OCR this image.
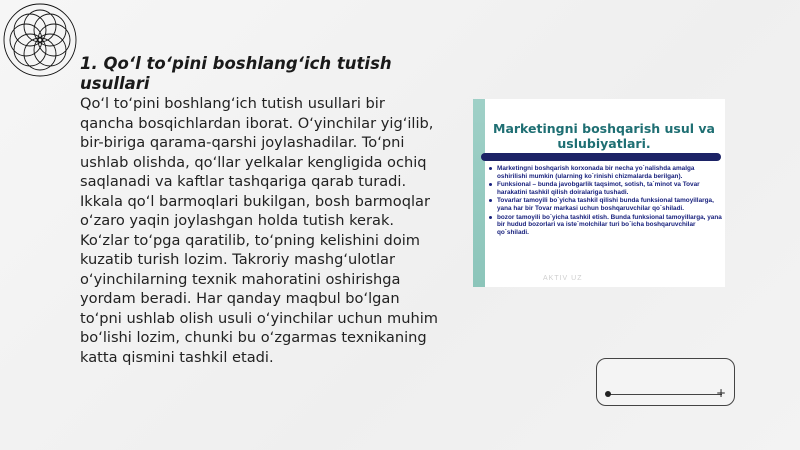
1. Qo‘l to‘pini boshlang‘ich tutish usullari
Qo‘l to‘pini boshlang‘ich tutish usullari bir qancha bosqichlardan iborat. O‘yinchilar yig‘ilib, bir-biriga qarama-qarshi joylashadilar. To‘pni ushlab olishda, qo‘llar yelkalar kengligida ochiq saqlanadi va kaftlar tashqariga qarab turadi. Ikkala qo‘l barmoqlari bukilgan, bosh barmoqlar o‘zaro yaqin joylashgan holda tutish kerak. Ko‘zlar to‘pga qaratilib, to‘pning kelishini doim kuzatib turish lozim. Takroriy mashg‘ulotlar o‘yinchilarning texnik mahoratini oshirishga yordam beradi. Har qanday maqbul bo‘lgan to‘pni ushlab olish usuli o‘yinchilar uchun muhim bo‘lishi lozim, chunki bu o‘zgarmas texnikaning katta qismini tashkil etadi.
Marketingni boshqarish usul va uslubiyatlari.
Marketingni boshqarish korxonada bir necha yo`nalishda amalga oshirilishi mumkin (ularning ko`rinishi chizmalarda berilgan).
Funksional – bunda javobgarlik taqsimot, sotish, ta`minot va Tovar harakatini tashkil qilish doiralariga tushadi.
Tovarlar tamoyili bo`yicha tashkil qilishi bunda funksional tamoyillarga, yana har bir Tovar markasi uchun boshqaruvchilar qo`shiladi.
bozor tamoyili bo`yicha tashkil etish. Bunda funksional tamoyillarga, yana bir hudud bozorlari va iste`molchilar turi bo`icha boshqaruvchilar qo`shiladi.
AKTIV UZ
+
